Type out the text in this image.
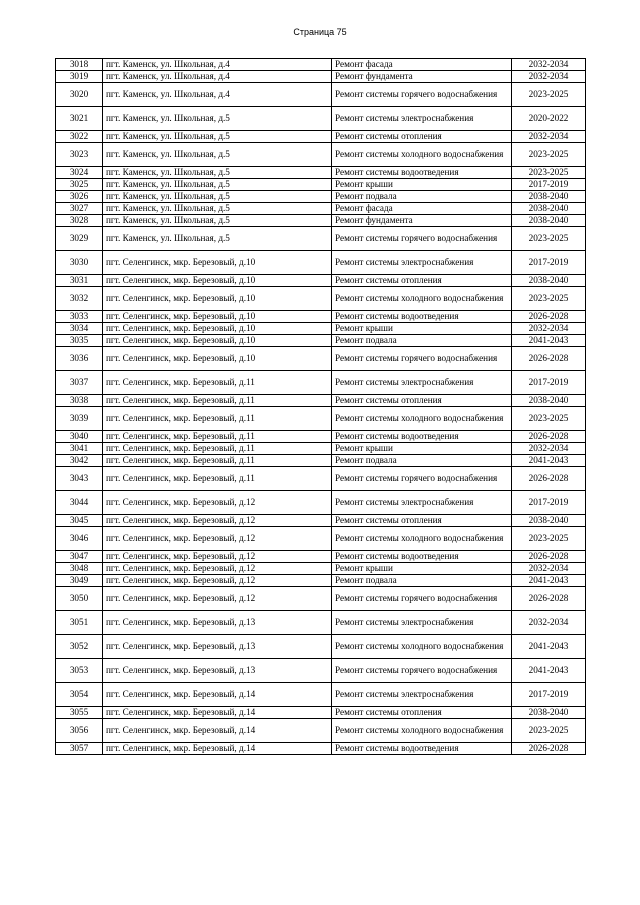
Страница 75
3018	пгт. Каменск, ул. Школьная, д.4	Ремонт фасада	2032-2034
3019	пгт. Каменск, ул. Школьная, д.4	Ремонт фундамента	2032-2034
3020	пгт. Каменск, ул. Школьная, д.4	Ремонт системы горячего водоснабжения	2023-2025
3021	пгт. Каменск, ул. Школьная, д.5	Ремонт системы электроснабжения	2020-2022
3022	пгт. Каменск, ул. Школьная, д.5	Ремонт системы отопления	2032-2034
3023	пгт. Каменск, ул. Школьная, д.5	Ремонт системы холодного водоснабжения	2023-2025
3024	пгт. Каменск, ул. Школьная, д.5	Ремонт системы водоотведения	2023-2025
3025	пгт. Каменск, ул. Школьная, д.5	Ремонт крыши	2017-2019
3026	пгт. Каменск, ул. Школьная, д.5	Ремонт подвала	2038-2040
3027	пгт. Каменск, ул. Школьная, д.5	Ремонт фасада	2038-2040
3028	пгт. Каменск, ул. Школьная, д.5	Ремонт фундамента	2038-2040
3029	пгт. Каменск, ул. Школьная, д.5	Ремонт системы горячего водоснабжения	2023-2025
3030	пгт. Селенгинск, мкр. Березовый, д.10	Ремонт системы электроснабжения	2017-2019
3031	пгт. Селенгинск, мкр. Березовый, д.10	Ремонт системы отопления	2038-2040
3032	пгт. Селенгинск, мкр. Березовый, д.10	Ремонт системы холодного водоснабжения	2023-2025
3033	пгт. Селенгинск, мкр. Березовый, д.10	Ремонт системы водоотведения	2026-2028
3034	пгт. Селенгинск, мкр. Березовый, д.10	Ремонт крыши	2032-2034
3035	пгт. Селенгинск, мкр. Березовый, д.10	Ремонт подвала	2041-2043
3036	пгт. Селенгинск, мкр. Березовый, д.10	Ремонт системы горячего водоснабжения	2026-2028
3037	пгт. Селенгинск, мкр. Березовый, д.11	Ремонт системы электроснабжения	2017-2019
3038	пгт. Селенгинск, мкр. Березовый, д.11	Ремонт системы отопления	2038-2040
3039	пгт. Селенгинск, мкр. Березовый, д.11	Ремонт системы холодного водоснабжения	2023-2025
3040	пгт. Селенгинск, мкр. Березовый, д.11	Ремонт системы водоотведения	2026-2028
3041	пгт. Селенгинск, мкр. Березовый, д.11	Ремонт крыши	2032-2034
3042	пгт. Селенгинск, мкр. Березовый, д.11	Ремонт подвала	2041-2043
3043	пгт. Селенгинск, мкр. Березовый, д.11	Ремонт системы горячего водоснабжения	2026-2028
3044	пгт. Селенгинск, мкр. Березовый, д.12	Ремонт системы электроснабжения	2017-2019
3045	пгт. Селенгинск, мкр. Березовый, д.12	Ремонт системы отопления	2038-2040
3046	пгт. Селенгинск, мкр. Березовый, д.12	Ремонт системы холодного водоснабжения	2023-2025
3047	пгт. Селенгинск, мкр. Березовый, д.12	Ремонт системы водоотведения	2026-2028
3048	пгт. Селенгинск, мкр. Березовый, д.12	Ремонт крыши	2032-2034
3049	пгт. Селенгинск, мкр. Березовый, д.12	Ремонт подвала	2041-2043
3050	пгт. Селенгинск, мкр. Березовый, д.12	Ремонт системы горячего водоснабжения	2026-2028
3051	пгт. Селенгинск, мкр. Березовый, д.13	Ремонт системы электроснабжения	2032-2034
3052	пгт. Селенгинск, мкр. Березовый, д.13	Ремонт системы холодного водоснабжения	2041-2043
3053	пгт. Селенгинск, мкр. Березовый, д.13	Ремонт системы горячего водоснабжения	2041-2043
3054	пгт. Селенгинск, мкр. Березовый, д.14	Ремонт системы электроснабжения	2017-2019
3055	пгт. Селенгинск, мкр. Березовый, д.14	Ремонт системы отопления	2038-2040
3056	пгт. Селенгинск, мкр. Березовый, д.14	Ремонт системы холодного водоснабжения	2023-2025
3057	пгт. Селенгинск, мкр. Березовый, д.14	Ремонт системы водоотведения	2026-2028
